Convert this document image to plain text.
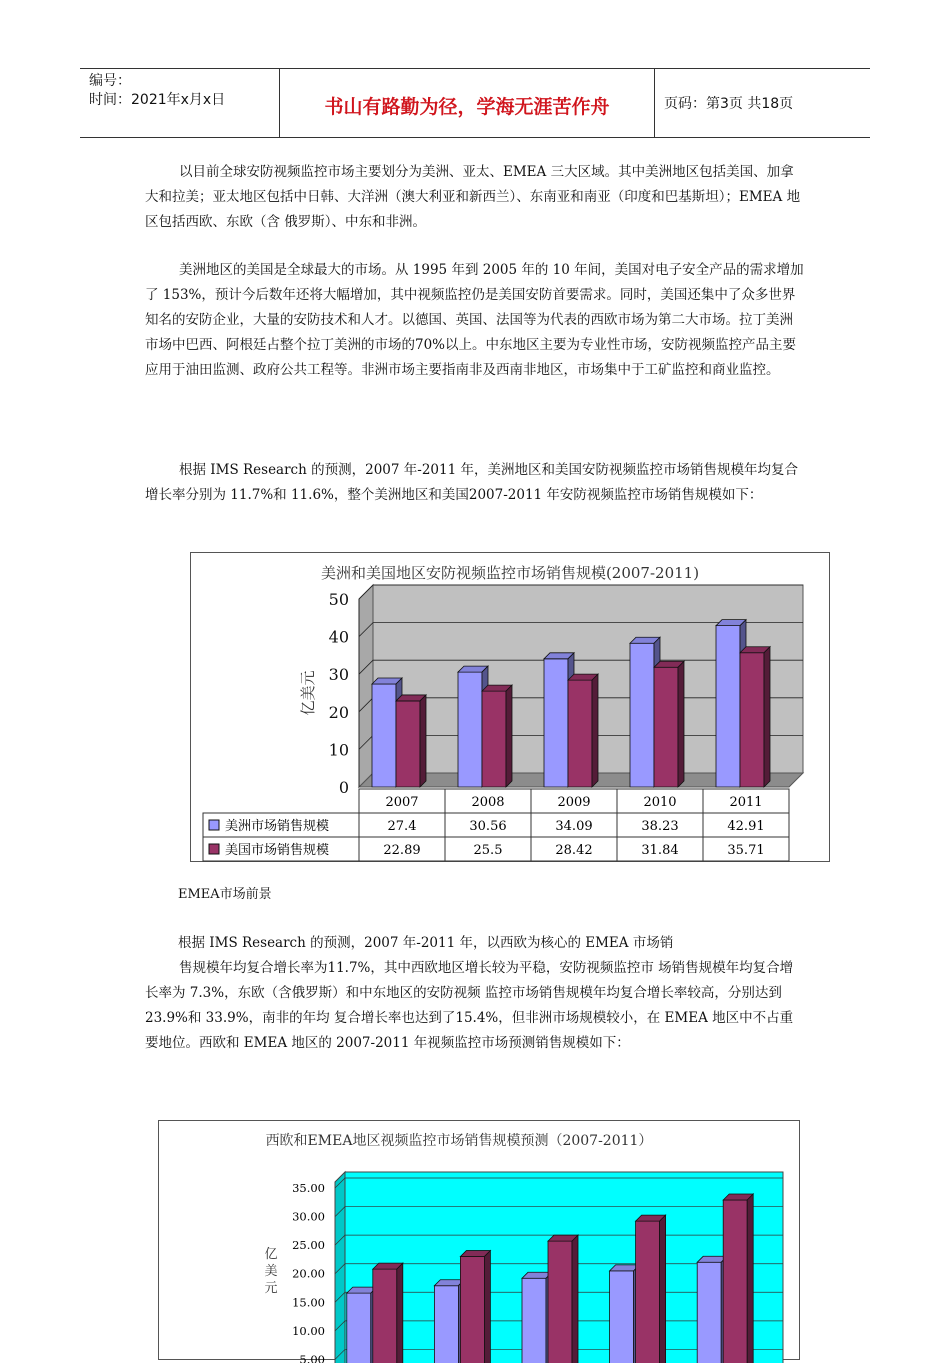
编号：
时间：2021年x月x日	书山有路勤为径，学海无涯苦作舟	页码：第3页 共18页

以目前全球安防视频监控市场主要划分为美洲、亚太、EMEA 三大区域。其中美洲地区包括美国、加拿大和拉美；亚太地区包括中日韩、大洋洲（澳大利亚和新西兰）、东南亚和南亚（印度和巴基斯坦）；EMEA 地区包括西欧、东欧（含 俄罗斯）、中东和非洲。

美洲地区的美国是全球最大的市场。从 1995 年到 2005 年的 10 年间，美国对电子安全产品的需求增加了 153%，预计今后数年还将大幅增加，其中视频监控仍是美国安防首要需求。同时，美国还集中了众多世界知名的安防企业，大量的安防技术和人才。以德国、英国、法国等为代表的西欧市场为第二大市场。拉丁美洲市场中巴西、阿根廷占整个拉丁美洲的市场的70%以上。中东地区主要为专业性市场，安防视频监控产品主要应用于油田监测、政府公共工程等。非洲市场主要指南非及西南非地区，市场集中于工矿监控和商业监控。

根据 IMS Research 的预测，2007 年-2011 年，美洲地区和美国安防视频监控市场销售规模年均复合增长率分别为 11.7%和 11.6%，整个美洲地区和美国2007-2011 年安防视频监控市场销售规模如下：

美洲和美国地区安防视频监控市场销售规模(2007-2011)
0
10
20
30
40
50
亿美元
2007
27.4
22.89
2008
30.56
25.5
2009
34.09
28.42
2010
38.23
31.84
2011
42.91
35.71
美洲市场销售规模
美国市场销售规模

EMEA市场前景

根据 IMS Research 的预测，2007 年-2011 年，以西欧为核心的 EMEA 市场销

售规模年均复合增长率为11.7%，其中西欧地区增长较为平稳，安防视频监控市 场销售规模年均复合增长率为 7.3%，东欧（含俄罗斯）和中东地区的安防视频 监控市场销售规模年均复合增长率较高，分别达到 23.9%和 33.9%，南非的年均 复合增长率也达到了15.4%，但非洲市场规模较小，在 EMEA 地区中不占重要地位。西欧和 EMEA 地区的 2007-2011 年视频监控市场预测销售规模如下：

西欧和EMEA地区视频监控市场销售规模预测（2007-2011）
5.00
10.00
15.00
20.00
25.00
30.00
35.00
亿
美
元
